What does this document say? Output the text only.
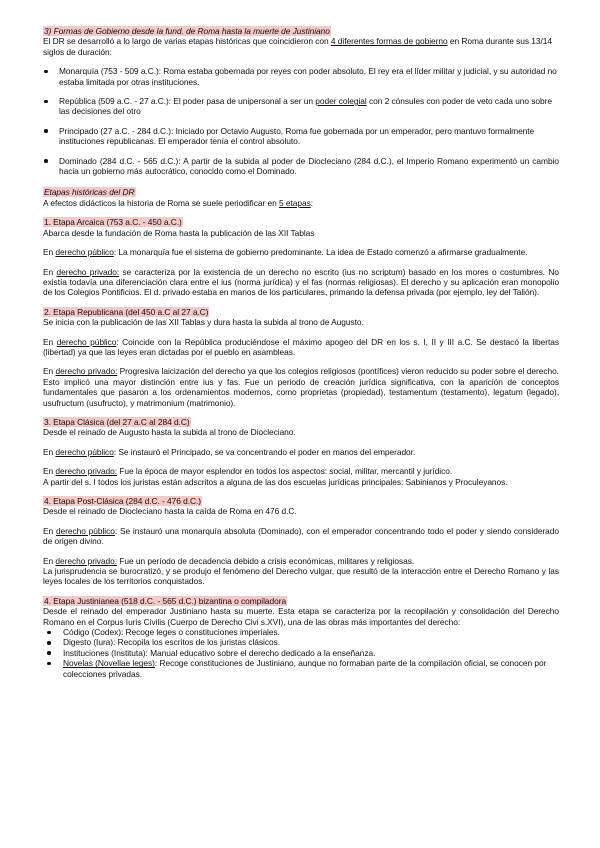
3) Formas de Gobierno desde la fund. de Roma hasta la muerte de Justiniano

El DR se desarrolló a lo largo de varias etapas históricas que coincidieron con 4 diferentes formas de gobierno en Roma durante sus 13/14 siglos de duración:

Monarquía (753 - 509 a.C.): Roma estaba gobernada por reyes con poder absoluto. El rey era el líder militar y judicial, y su autoridad no estaba limitada por otras instituciones.

República (509 a.C. - 27 a.C.): El poder pasa de unipersonal a ser un poder colegial con 2 cónsules con poder de veto cada uno sobre las decisiones del otro

Principado (27 a.C. - 284 d.C.): Iniciado por Octavio Augusto, Roma fue gobernada por un emperador, pero mantuvo formalmente instituciones republicanas. El emperador tenía el control absoluto.

Dominado (284 d.C. - 565 d.C.): A partir de la subida al poder de Diocleciano (284 d.C.), el Imperio Romano experimentó un cambio hacia un gobierno más autocrático, conocido como el Dominado.

Etapas históricas del DR

A efectos didácticos la historia de Roma se suele periodificar en 5 etapas:

1. Etapa Arcaica (753 a.C. - 450 a.C.)

Abarca desde la fundación de Roma hasta la publicación de las XII Tablas

En derecho público: La monarquía fue el sistema de gobierno predominante. La idea de Estado comenzó a afirmarse gradualmente.

En derecho privado: se caracteriza por la existencia de un derecho no escrito (ius no scriptum) basado en los mores o costumbres. No existía todavía una diferenciación clara entre el ius (norma jurídica) y el fas (normas religiosas). El derecho y su aplicación eran monopolio de los Colegios Pontificios. El d. privado estaba en manos de los particulares, primando la defensa privada (por ejemplo, ley del Talión).

2. Etapa Republicana (del 450 a.C al 27 a.C)

Se inicia con la publicación de las XII Tablas y dura hasta la subida al trono de Augusto.

En derecho público: Coincide con la República produciéndose el máximo apogeo del DR en los s. I, II y III a.C. Se destacó la libertas (libertad) ya que las leyes eran dictadas por el pueblo en asambleas.

En derecho privado: Progresiva laicización del derecho ya que los colegios religiosos (pontífices) vieron reducido su poder sobre el derecho. Esto implicó una mayor distinción entre ius y fas. Fue un periodo de creación jurídica significativa, con la aparición de conceptos fundamentales que pasaron a los ordenamientos modernos, como proprietas (propiedad), testamentum (testamento), legatum (legado), usufructum (usufructo), y matrimonium (matrimonio).

3. Etapa Clásica (del 27 a.C al 284 d.C)

Desde el reinado de Augusto hasta la subida al trono de Diocleciano.

En derecho público: Se instauró el Principado, se va concentrando el poder en manos del emperador.

En derecho privado: Fue la época de mayor esplendor en todos los aspectos: social, militar, mercantil y jurídico.

A partir del s. I todos los juristas están adscritos a alguna de las dos escuelas jurídicas principales: Sabinianos y Proculeyanos.

4. Etapa Post-Clásica (284 d.C. - 476 d.C.)

Desde el reinado de Diocleciano hasta la caída de Roma en 476 d.C.

En derecho público: Se instauró una monarquía absoluta (Dominado), con el emperador concentrando todo el poder y siendo considerado de origen divino.

En derecho privado: Fue un período de decadencia debido a crisis económicas, militares y religiosas.

La jurisprudencia se burocratizó, y se produjo el fenómeno del Derecho vulgar, que resultó de la interacción entre el Derecho Romano y las leyes locales de los territorios conquistados.

4. Etapa Justinianea (518 d.C. - 565 d.C.) bizantina o compiladora

Desde el reinado del emperador Justiniano hasta su muerte. Esta etapa se caracteriza por la recopilación y consolidación del Derecho Romano en el Corpus Iuris Civilis (Cuerpo de Derecho Civi s.XVI), una de las obras más importantes del derecho:

Código (Codex): Recoge leges o constituciones imperiales.

Digesto (Iura): Recopila los escritos de los juristas clásicos.

Instituciones (Instituta): Manual educativo sobre el derecho dedicado a la enseñanza.

Novelas (Novellae leges): Recoge constituciones de Justiniano, aunque no formaban parte de la compilación oficial, se conocen por colecciones privadas.
